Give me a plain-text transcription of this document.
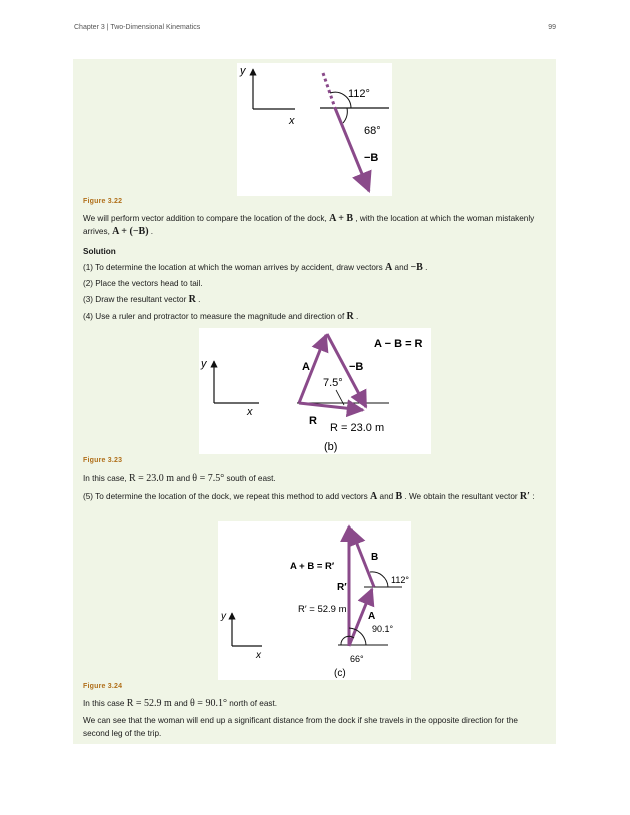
Chapter 3 | Two-Dimensional Kinematics	99
y
x
112°
68°
−B
Figure 3.22
We will perform vector addition to compare the location of the dock, A + B , with the location at which the woman mistakenly arrives, A + (−B) .
Solution
(1) To determine the location at which the woman arrives by accident, draw vectors A and −B .
(2) Place the vectors head to tail.
(3) Draw the resultant vector R .
(4) Use a ruler and protractor to measure the magnitude and direction of R .
y
x
A − B = R
A	−B
7.5°
R
R = 23.0 m
(b)
Figure 3.23
In this case, R = 23.0 m and θ = 7.5° south of east.
(5) To determine the location of the dock, we repeat this method to add vectors A and B . We obtain the resultant vector R′ :
y
x
A + B = R′
B
R′
112°
R′ = 52.9 m
A
90.1°
66°
(c)
Figure 3.24
In this case R = 52.9 m and θ = 90.1° north of east.
We can see that the woman will end up a significant distance from the dock if she travels in the opposite direction for the second leg of the trip.
